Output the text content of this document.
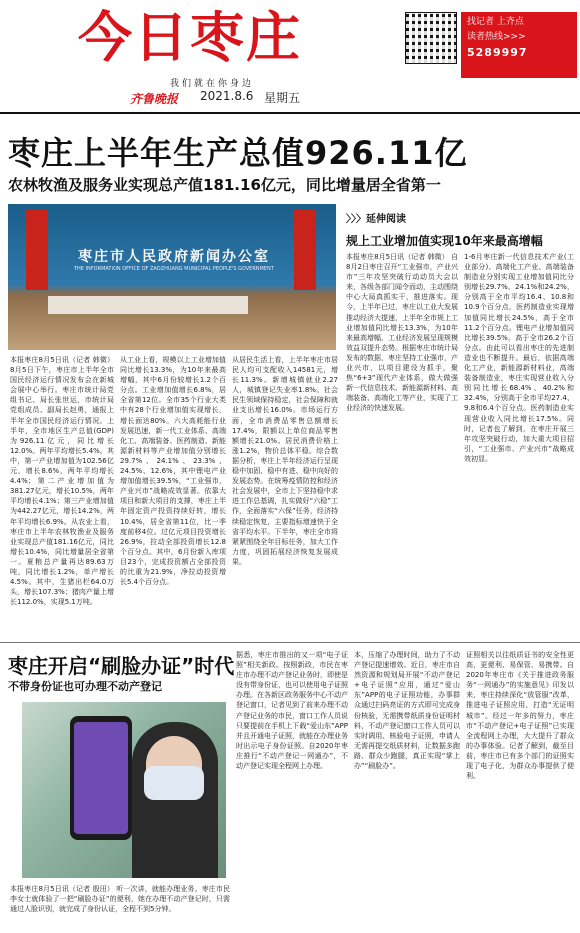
今日枣庄
我们就在你身边
齐鲁晚报 2021.8.6 星期五
找记者 上齐点
读者热线>>>
5289997
枣庄上半年生产总值926.11亿
农林牧渔及服务业实现总产值181.16亿元，同比增量居全省第一
枣庄市人民政府新闻办公室
THE INFORMATION OFFICE OF ZAOZHUANG MUNICIPAL PEOPLE'S GOVERNMENT
〉〉〉延伸阅读
规上工业增加值实现10年来最高增幅
本报枣庄8月5日讯（记者 韩微） 8月5日下午，枣庄市上半年全市国民经济运行情况发布会在新城会展中心举行。枣庄市统计局党组书记、局长张世运，市统计局党组成员、副局长赵勇，通报上半年全市国民经济运行情况。上半年，全市地区生产总值(GDP)为926.11亿元，同比增长12.0%。两年平均增长5.4%。其中，第一产业增加值为102.56亿元，增长8.6%，两年平均增长4.4%；第二产业增加值为381.27亿元，增长10.5%，两年平均增长4.1%；第三产业增加值为442.27亿元，增长14.2%，两年平均增长6.9%。从农业上看，枣庄市上半年农林牧渔业及服务业实现总产值181.16亿元，同比增长10.4%，同比增量居全省第一。夏粮总产量再达89.63万吨，同比增长1.2%，单产增长4.5%。其中，生猪出栏64.0万头，增长107.3%；猪肉产量上增长112.0%，实现5.1万吨。
从工业上看，规模以上工业增加值同比增长13.3%，为10年来最高增幅，其中6月份较增长1.2个百分点。工业增加值增长6.8%，居全省第12位。全市35个行业大类中有28个行业增加值实现增长，增长面达80%。六大高耗能行业发展迅速，新一代工业体系、高端化工、高端装备、医药制造、新能源新材料等产业增加值分别增长29.7%、24.1%、23.3%、24.5%、12.6%，其中锂电产业增加值增长39.5%，“工业强市，产业兴市”战略成效显著。依靠大项目和新大项目的支撑，枣庄上半年固定资产投资持续好转，增长10.4%，居全省第11位，比一季度前移4位。过亿元项目投资增长26.9%，拉动全部投资增长12.8个百分点。其中，6月份新入库项目23个，完成投资额占全部投资的比重为21.9%，净拉动投资增长5.4个百分点。
从居民生活上看，上半年枣庄市居民人均可支配收入14581元，增长11.3%。新增城镇就业2.27人，城镇登记失业率1.8%。社会民生领域保持稳定，社会保障和就业支出增长16.0%。市场运行方面，全市消费品零售总额增长17.4%，限额以上单位商品零售额增长21.0%。居民消费价格上涨1.2%，物价总体平稳。综合数据分析，枣庄上半年经济运行呈现稳中加固、稳中有进、稳中向好的发展态势。在统筹疫情防控和经济社会发展中，全市上下坚持稳中求进工作总基调，扎实做好“六稳”工作，全面落实“六保”任务，经济持续稳定恢复，主要指标增速快于全省平均水平。下半年，枣庄全市将紧紧围绕全年目标任务，加大工作力度，巩固拓展经济恢复发展成果。
本报枣庄8月5日讯（记者 韩微） 自8月2日枣庄召开“工业强市，产业兴市”三年攻坚突破行动动员大会以来，各级各部门闻令而动，主动围绕中心大局真抓实干，推进落实。现今，上半年已过，枣庄以工业大发展推动经济大提速，上半年全市规上工业增加值同比增长13.3%，为10年来最高增幅，工业经济发展呈现规模效益双提升态势。根据枣庄市统计局发布的数据，枣庄坚持工业强市，产业兴市，以项目建设为抓手，聚焦“6+3”现代产业体系，做大做强新一代信息技术、新能源新材料、高端装备、高端化工等产业，实现了工业经济的快速发展。
1-6月枣庄新一代信息技术产业(工业部分)、高端化工产业、高端装备制造业分别实现工业增加值同比分别增长29.7%、24.1%和24.2%，分别高于全市平均16.4、10.8和10.9个百分点，医药制造业实现增加值同比增长24.5%，高于全市11.2个百分点。锂电产业增加值同比增长39.5%，高于全市26.2个百分点。由此可以看出枣庄的先进制造业也不断提升。最后，依据高端化工产业，新能源新材料业，高端装备制造业，枣庄实现营业收入分别同比增长68.4%、40.2%和32.4%，分别高于全市平均27.4、9.8和6.4个百分点。医药制造业实现营业收入同比增长17.5%。同时，记者也了解到，在枣庄开展三年攻坚突破行动，加大重大项目招引，“工业强市、产业兴市”战略成效初显。
枣庄开启“刷脸办证”时代
不带身份证也可办理不动产登记
本报枣庄8月5日讯（记者 殷田） 听一次讲，就能办理业务。枣庄市民李女士就体验了一把“刷脸办证”的便利，她在办理不动产登记时，只需通过人脸识别，就完成了身份认证，全程不到5分钟。
据悉，枣庄市推出的又一项“电子证照”相关新政。按照新政，市民在枣庄市办理不动产登记业务时，即使是没有带身份证，也可以使用电子证照办理。在各新区政务服务中心不动产登记窗口，记者见到了前来办理不动产登记业务的市民，窗口工作人员说只要提前在手机上下载“爱山东”APP并且开通电子证照，就能在办理业务时出示电子身份证照。自2020年枣庄推行“不动产登记一网通办”，不动产登记实现全程网上办理。
本，压缩了办理时间，助力了不动产登记提速增效。近日，枣庄市自然资源和规划局开展“不动产登记+电子证照”应用，通过“爱山东”APP的电子证照功能，办事群众通过扫码亮证的方式即可完成身份核验，无需携带纸质身份证明材料，不动产登记窗口工作人员可以实时调用、核验电子证照，申请人无需再提交纸质材料，让数据多跑路、群众少跑腿，真正实现“掌上办”“刷脸办”。
证照相关以往纸质证书的安全性更高，更便利、易保管、易携带。自2020年枣庄市《关于推进政务服务“一网通办”的实施意见》印发以来，枣庄持续深化“放管服”改革，推进电子证照应用，打造“无证明城市”。经过一年多的努力，枣庄市“不动产登记+电子证照”已实现全流程网上办理，大大提升了群众的办事体验。记者了解到，截至目前，枣庄市已有多个部门的证照实现了电子化，为群众办事提供了便利。
